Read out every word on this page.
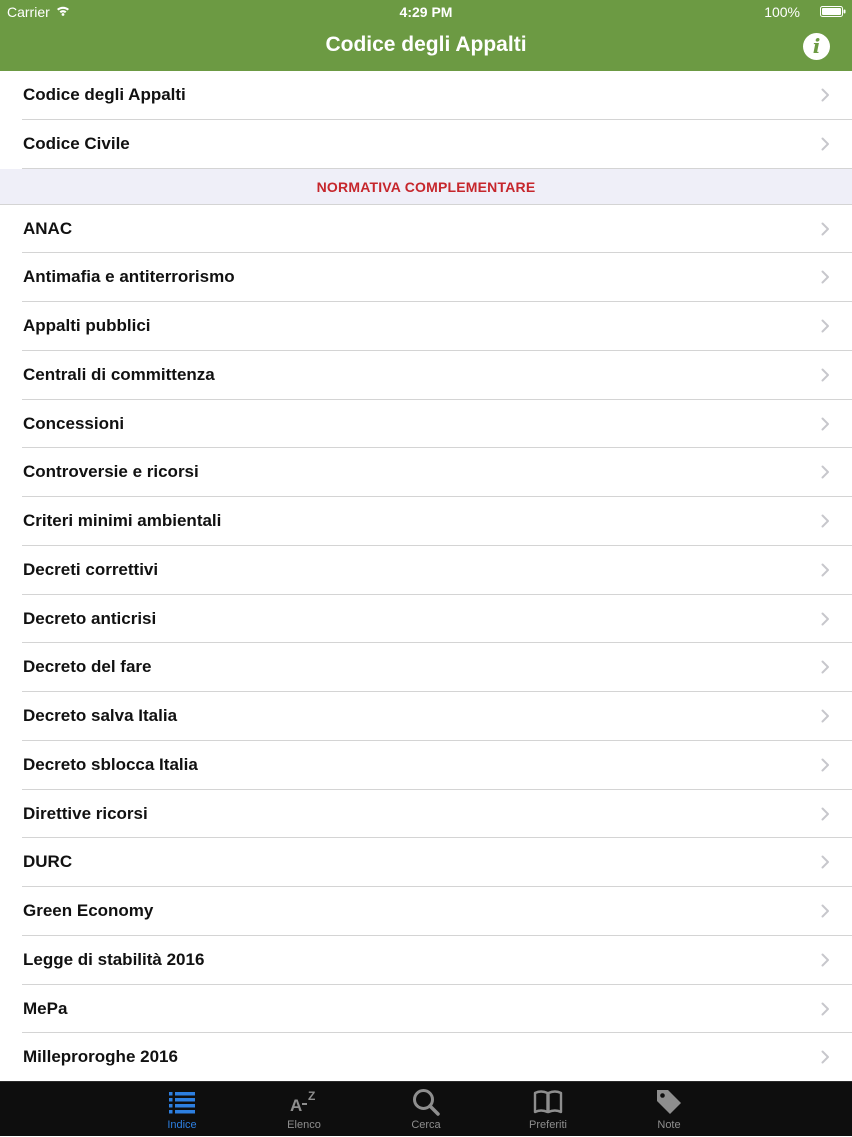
Carrier	4:29 PM	100%
Codice degli Appalti	i
Codice degli Appalti
Codice Civile
NORMATIVA COMPLEMENTARE
ANAC
Antimafia e antiterrorismo
Appalti pubblici
Centrali di committenza
Concessioni
Controversie e ricorsi
Criteri minimi ambientali
Decreti correttivi
Decreto anticrisi
Decreto del fare
Decreto salva Italia
Decreto sblocca Italia
Direttive ricorsi
DURC
Green Economy
Legge di stabilità 2016
MePa
Milleproroghe 2016
Indice
A Z
Elenco	Cerca	Preferiti	Note
